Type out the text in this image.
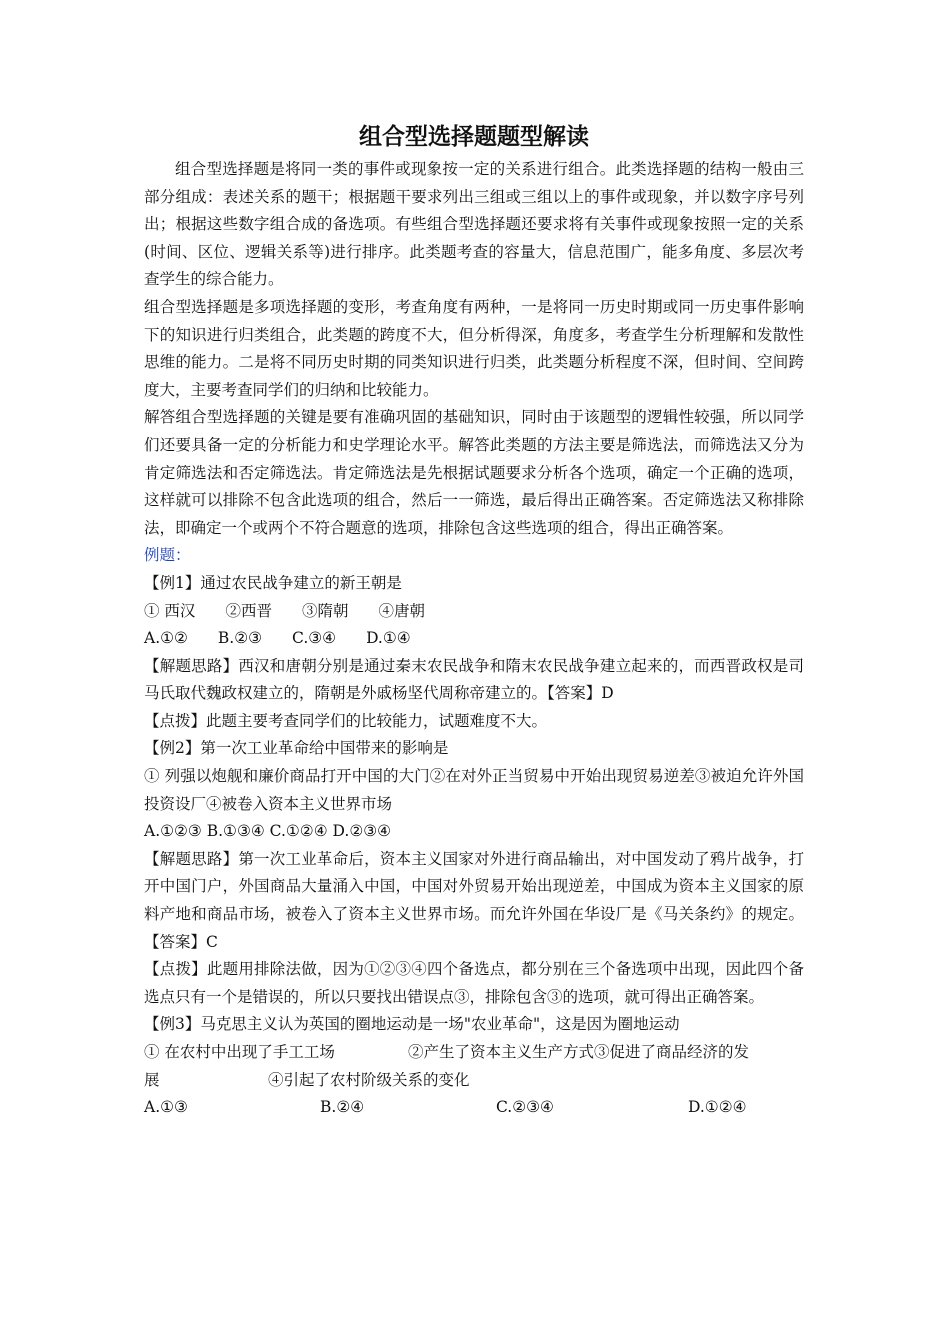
组合型选择题题型解读

组合型选择题是将同一类的事件或现象按一定的关系进行组合。此类选择题的结构一般由三部分组成：表述关系的题干；根据题干要求列出三组或三组以上的事件或现象，并以数字序号列出；根据这些数字组合成的备选项。有些组合型选择题还要求将有关事件或现象按照一定的关系(时间、区位、逻辑关系等)进行排序。此类题考查的容量大，信息范围广，能多角度、多层次考查学生的综合能力。

组合型选择题是多项选择题的变形，考查角度有两种，一是将同一历史时期或同一历史事件影响下的知识进行归类组合，此类题的跨度不大，但分析得深，角度多，考查学生分析理解和发散性思维的能力。二是将不同历史时期的同类知识进行归类，此类题分析程度不深，但时间、空间跨度大，主要考查同学们的归纳和比较能力。

解答组合型选择题的关键是要有准确巩固的基础知识，同时由于该题型的逻辑性较强，所以同学们还要具备一定的分析能力和史学理论水平。解答此类题的方法主要是筛选法，而筛选法又分为肯定筛选法和否定筛选法。肯定筛选法是先根据试题要求分析各个选项，确定一个正确的选项，这样就可以排除不包含此选项的组合，然后一一筛选，最后得出正确答案。否定筛选法又称排除法，即确定一个或两个不符合题意的选项，排除包含这些选项的组合，得出正确答案。

例题：

【例1】通过农民战争建立的新王朝是

① 西汉 ②西晋 ③隋朝 ④唐朝
A.①② B.②③ C.③④ D.①④

【解题思路】西汉和唐朝分别是通过秦末农民战争和隋末农民战争建立起来的，而西晋政权是司马氏取代魏政权建立的，隋朝是外戚杨坚代周称帝建立的。【答案】D

【点拨】此题主要考查同学们的比较能力，试题难度不大。

【例2】第一次工业革命给中国带来的影响是

① 列强以炮舰和廉价商品打开中国的大门②在对外正当贸易中开始出现贸易逆差③被迫允许外国投资设厂④被卷入资本主义世界市场

A.①②③ B.①③④ C.①②④ D.②③④

【解题思路】第一次工业革命后，资本主义国家对外进行商品输出，对中国发动了鸦片战争，打开中国门户，外国商品大量涌入中国，中国对外贸易开始出现逆差，中国成为资本主义国家的原料产地和商品市场，被卷入了资本主义世界市场。而允许外国在华设厂是《马关条约》的规定。【答案】C

【点拨】此题用排除法做，因为①②③④四个备选点，都分别在三个备选项中出现，因此四个备选点只有一个是错误的，所以只要找出错误点③，排除包含③的选项，就可得出正确答案。

【例3】马克思主义认为英国的圈地运动是一场"农业革命"，这是因为圈地运动

① 在农村中出现了手工工场	②产生了资本主义生产方式③促进了商品经济的发
展	④引起了农村阶级关系的变化
A.①③	B.②④	C.②③④	D.①②④
